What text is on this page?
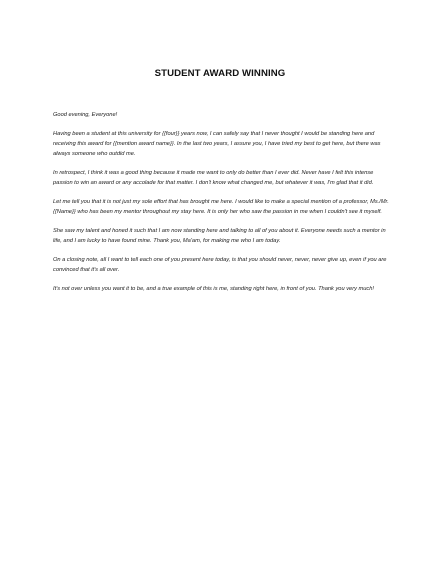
STUDENT AWARD WINNING

Good evening, Everyone!

Having been a student at this university for {{four}} years now, I can safely say that I never thought I would be standing here and receiving this award for {{mention award name}}. In the last two years, I assure you, I have tried my best to get here, but there was always someone who outdid me.

In retrospect, I think it was a good thing because it made me want to only do better than I ever did. Never have I felt this intense passion to win an award or any accolade for that matter. I don't know what changed me, but whatever it was, I'm glad that it did.

Let me tell you that it is not just my sole effort that has brought me here. I would like to make a special mention of a professor, Ms./Mr. {{Name}} who has been my mentor throughout my stay here. It is only her who saw the passion in me when I couldn't see it myself.

She saw my talent and honed it such that I am now standing here and talking to all of you about it. Everyone needs such a mentor in life, and I am lucky to have found mine. Thank you, Ma'am, for making me who I am today.

On a closing note, all I want to tell each one of you present here today, is that you should never, never, never give up, even if you are convinced that it's all over.

It's not over unless you want it to be, and a true example of this is me, standing right here, in front of you. Thank you very much!
